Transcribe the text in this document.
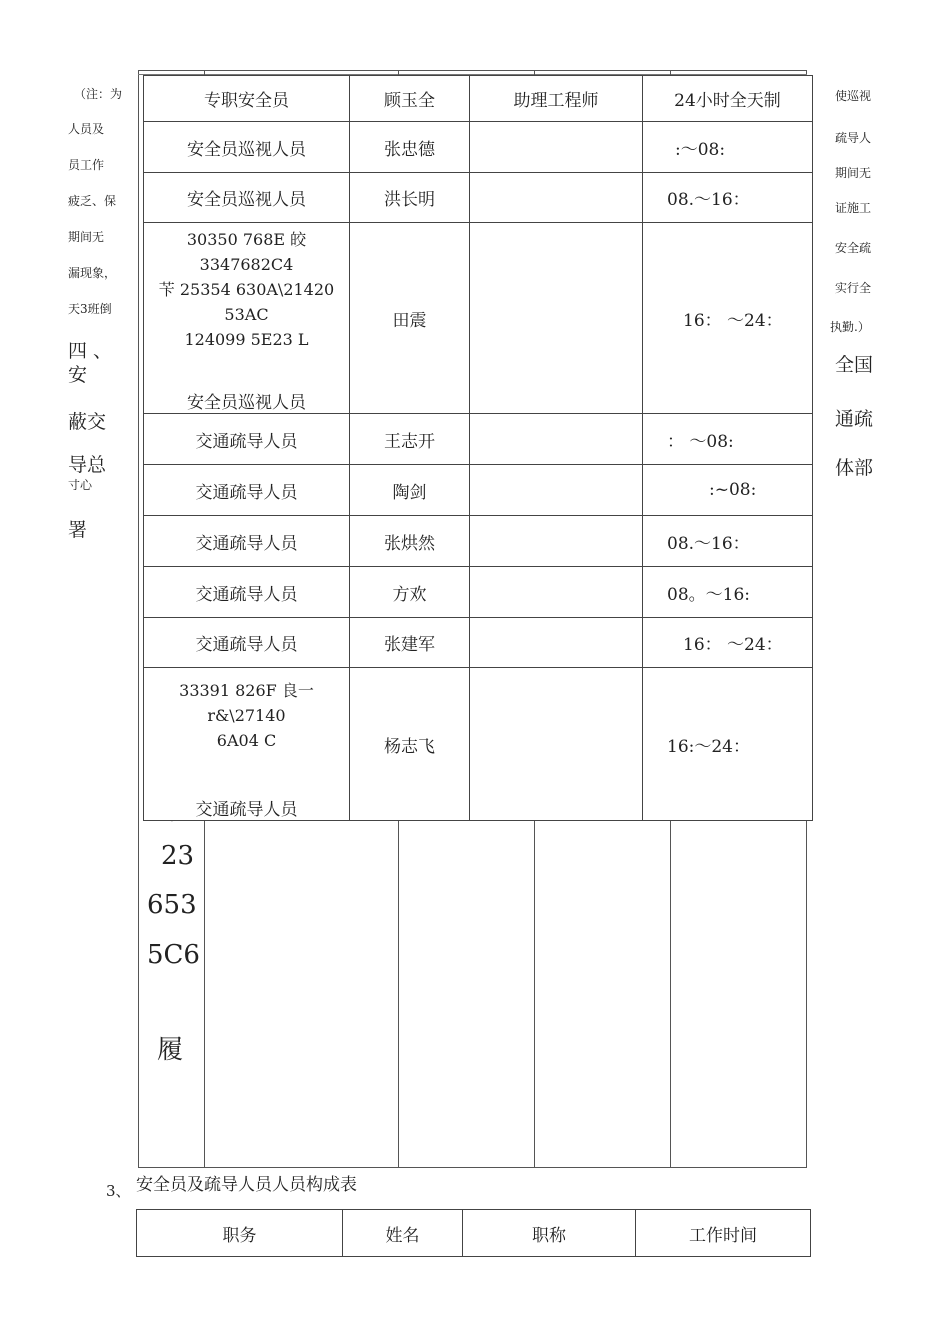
（注：为
人员及
员工作
疲乏、保
期间无
漏现象，
天3班倒
四 、
安
蔽交
导总
寸心
署
使巡视
疏导人
期间无
证施工
安全疏
实行全
执勤.）
全国
通疏
体部
23
653
5C6
履
专职安全员	顾玉全	助理工程师	24小时全天制
安全员巡视人员	张忠德		:〜08:
安全员巡视人员	洪长明		08.〜16：

30350 768E 皎 3347682C4
苄 25354 630A\21420
53AC
124099 5E23 L
安全员巡视人员	田震		16： 〜24：
交通疏导人员	王志开		： 〜08:
交通疏导人员	陶剑		:~08:
交通疏导人员	张烘然		08.〜16：
交通疏导人员	方欢		08。〜16:
交通疏导人员	张建军		16： 〜24：

33391 826F 良一 r&\27140
6A04 C
交通疏导人员	杨志飞		16:〜24：
3、 安全员及疏导人员人员构成表
职务	姓名	职称	工作时间
